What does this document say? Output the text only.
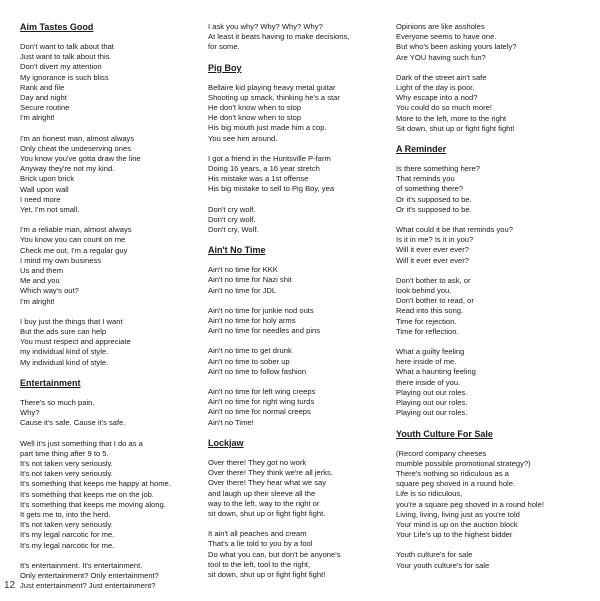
Aim Tastes Good
Don't want to talk about that
Just want to talk about this
Don't divert my attention
My ignorance is such bliss
Rank and file
Day and night
Secure routine
I'm alright!
I'm an honest man, almost always
Only cheat the undeserving ones
You know you've gotta draw the line
Anyway they're not my kind.
Brick upon brick
Wall upon wall
I need more
Yet, I'm not small.
I'm a reliable man, almost always
You know you can count on me
Check me out, I'm a regular guy
I mind my own business
Us and them
Me and you
Which way's out?
I'm alright!
I buy just the things that I want
But the ads sure can help
You must respect and appreciate
my individual kind of style.
My individual kind of style.
Entertainment
There's so much pain.
Why?
Cause it's safe. Cause it's safe.
Well it's just something that I do as a
part time thing after 9 to 5.
It's not taken very seriously.
It's not taken very seriously.
It's something that keeps me happy at home.
It's something that keeps me on the job.
It's something that keeps me moving along.
It gets me to, into the herd.
It's not taken very seriously.
It's my legal narcotic for me.
It's my legal narcotic for me.
It's entertainment. It's entertainment.
Only entertainment? Only entertainment?
Just entertainment? Just entertainment?
I ask you why? Why? Why? Why?
At least it beats having to make decisions,
for some.
Pig Boy
Bellaire kid playing heavy metal guitar
Shooting up smack, thinking he's a star
He don't know when to stop
He don't know when to stop
His big mouth just made him a cop.
You see him around.
I got a friend in the Huntsville P-farm
Doing 16 years, a 16 year stretch
His mistake was a 1st offense
His big mistake to sell to Pig Boy, yea
Don't cry wolf.
Don't cry wolf.
Don't cry, Wolf.
Ain't No Time
Ain't no time for KKK
Ain't no time for Nazi shit
Ain't no time for JDL
Ain't no time for junkie nod outs
Ain't no time for holy arms
Ain't no time for needles and pins
Ain't no time to get drunk
Ain't no time to sober up
Ain't no time to follow fashion
Ain't no time for left wing creeps
Ain't no time for right wing turds
Ain't no time for normal creeps
Ain't no Time!
Lockjaw
Over there! They got no work
Over there! They think we're all jerks.
Over there! They hear what we say
and laugh up their sleeve all the
way to the left, way to the right or
sit down, shut up or fight fight fight.
It ain't all peaches and cream
That's a lie told to you by a fool
Do what you can, but don't be anyone's
tool to the left, tool to the right,
sit down, shut up or fight fight fight!
Opinions are like assholes
Everyone seems to have one.
But who's been asking yours lately?
Are YOU having such fun?
Dark of the street ain't safe
Light of the day is poor.
Why escape into a nod?
You could do so much more!
More to the left, more to the right
Sit down, shut up or fight fight fight!
A Reminder
Is there something here?
That reminds you
of something there?
Or it's supposed to be.
Or it's supposed to be.
What could it be that reminds you?
Is it in me? Is it in you?
Will it ever ever ever?
Will it ever ever ever?
Don't bother to ask, or
look behind you.
Don't bother to read, or
Read into this song.
Time for rejection.
Time for reflection.
What a guilty feeling
here inside of me.
What a haunting feeling
there inside of you.
Playing out our roles.
Playing out our roles.
Playing out our roles.
Youth Culture For Sale
(Record company cheeses
mumble possible promotional strategy?)
There's nothing so ridiculous as a
square peg shoved in a round hole.
Life is so ridiculous,
you're a square peg shoved in a round hole!
Living, living, living just as you're told
Your mind is up on the auction block
Your Life's up to the highest bidder
Youth culture's for sale
Your youth culture's for sale
12
